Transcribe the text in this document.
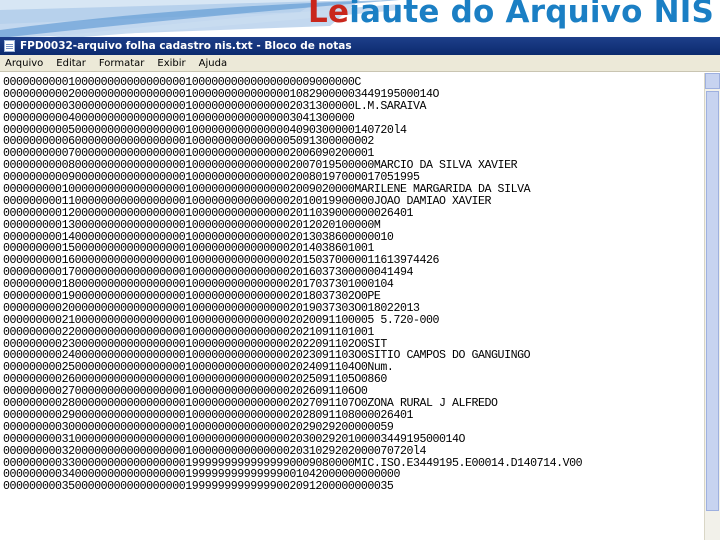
Leiaute do Arquivo NIS
FPD0032-arquivo folha cadastro nis.txt - Bloco de notas
Arquivo Editar Formatar Exibir Ajuda
000000000010000000000000000010000000000000000009000000C
000000000020000000000000000010000000000000001082900000344919500014O
000000000030000000000000000010000000000000002031300000L.M.SARAIVA
000000000040000000000000000010000000000000003041300000
000000000050000000000000000010000000000000004090300000140720l4
000000000060000000000000000010000000000000005091300000002
000000000070000000000000000010000000000000002006090200001
000000000080000000000000000010000000000000002007019500000MARCIO DA SILVA XAVIER
0000000000900000000000000000100000000000000020080197000017051995
000000000100000000000000000010000000000000002009020000MARILENE MARGARIDA DA SILVA
000000000110000000000000000010000000000000002010019900000JOAO DAMIAO XAVIER
000000000120000000000000000010000000000000002011039000000026401
000000000130000000000000000010000000000000002012020100000M
000000000140000000000000000010000000000000002013038600000010
000000000150000000000000000010000000000000002014038601001
0000000001600000000000000000100000000000000020150370000011613974426
000000000170000000000000000010000000000000002016037300000041494
000000000180000000000000000010000000000000002017037301000104
000000000190000000000000000010000000000000002018037302O0PE
000000000200000000000000000010000000000000002019037303O018022013
000000000210000000000000000010000000000000002020091100005 5.720-000
000000000220000000000000000010000000000000002021091101001
000000000230000000000000000010000000000000002022091102O0SIT
000000000240000000000000000010000000000000002023091103O0SITIO CAMPOS DO GANGUINGO
000000000250000000000000000010000000000000002024091104O0Num.
000000000260000000000000000010000000000000002025091105O0860
000000000270000000000000000010000000000000002026091106O0
000000000280000000000000000010000000000000002027091107O0ZONA RURAL J ALFREDO
000000000290000000000000000010000000000000002028091108000026401
000000000300000000000000000010000000000000002029029200000059
0000000003100000000000000000100000000000000020300292010000344919500014O
000000000320000000000000000010000000000000002031029202000070720l4
000000000330000000000000000019999999999999990009080000MIC.ISO.E3449195.E00014.D140714.V00
0000000003400000000000000000199999999999999001042000000000000
000000000350000000000000000019999999999999002091200000000035
